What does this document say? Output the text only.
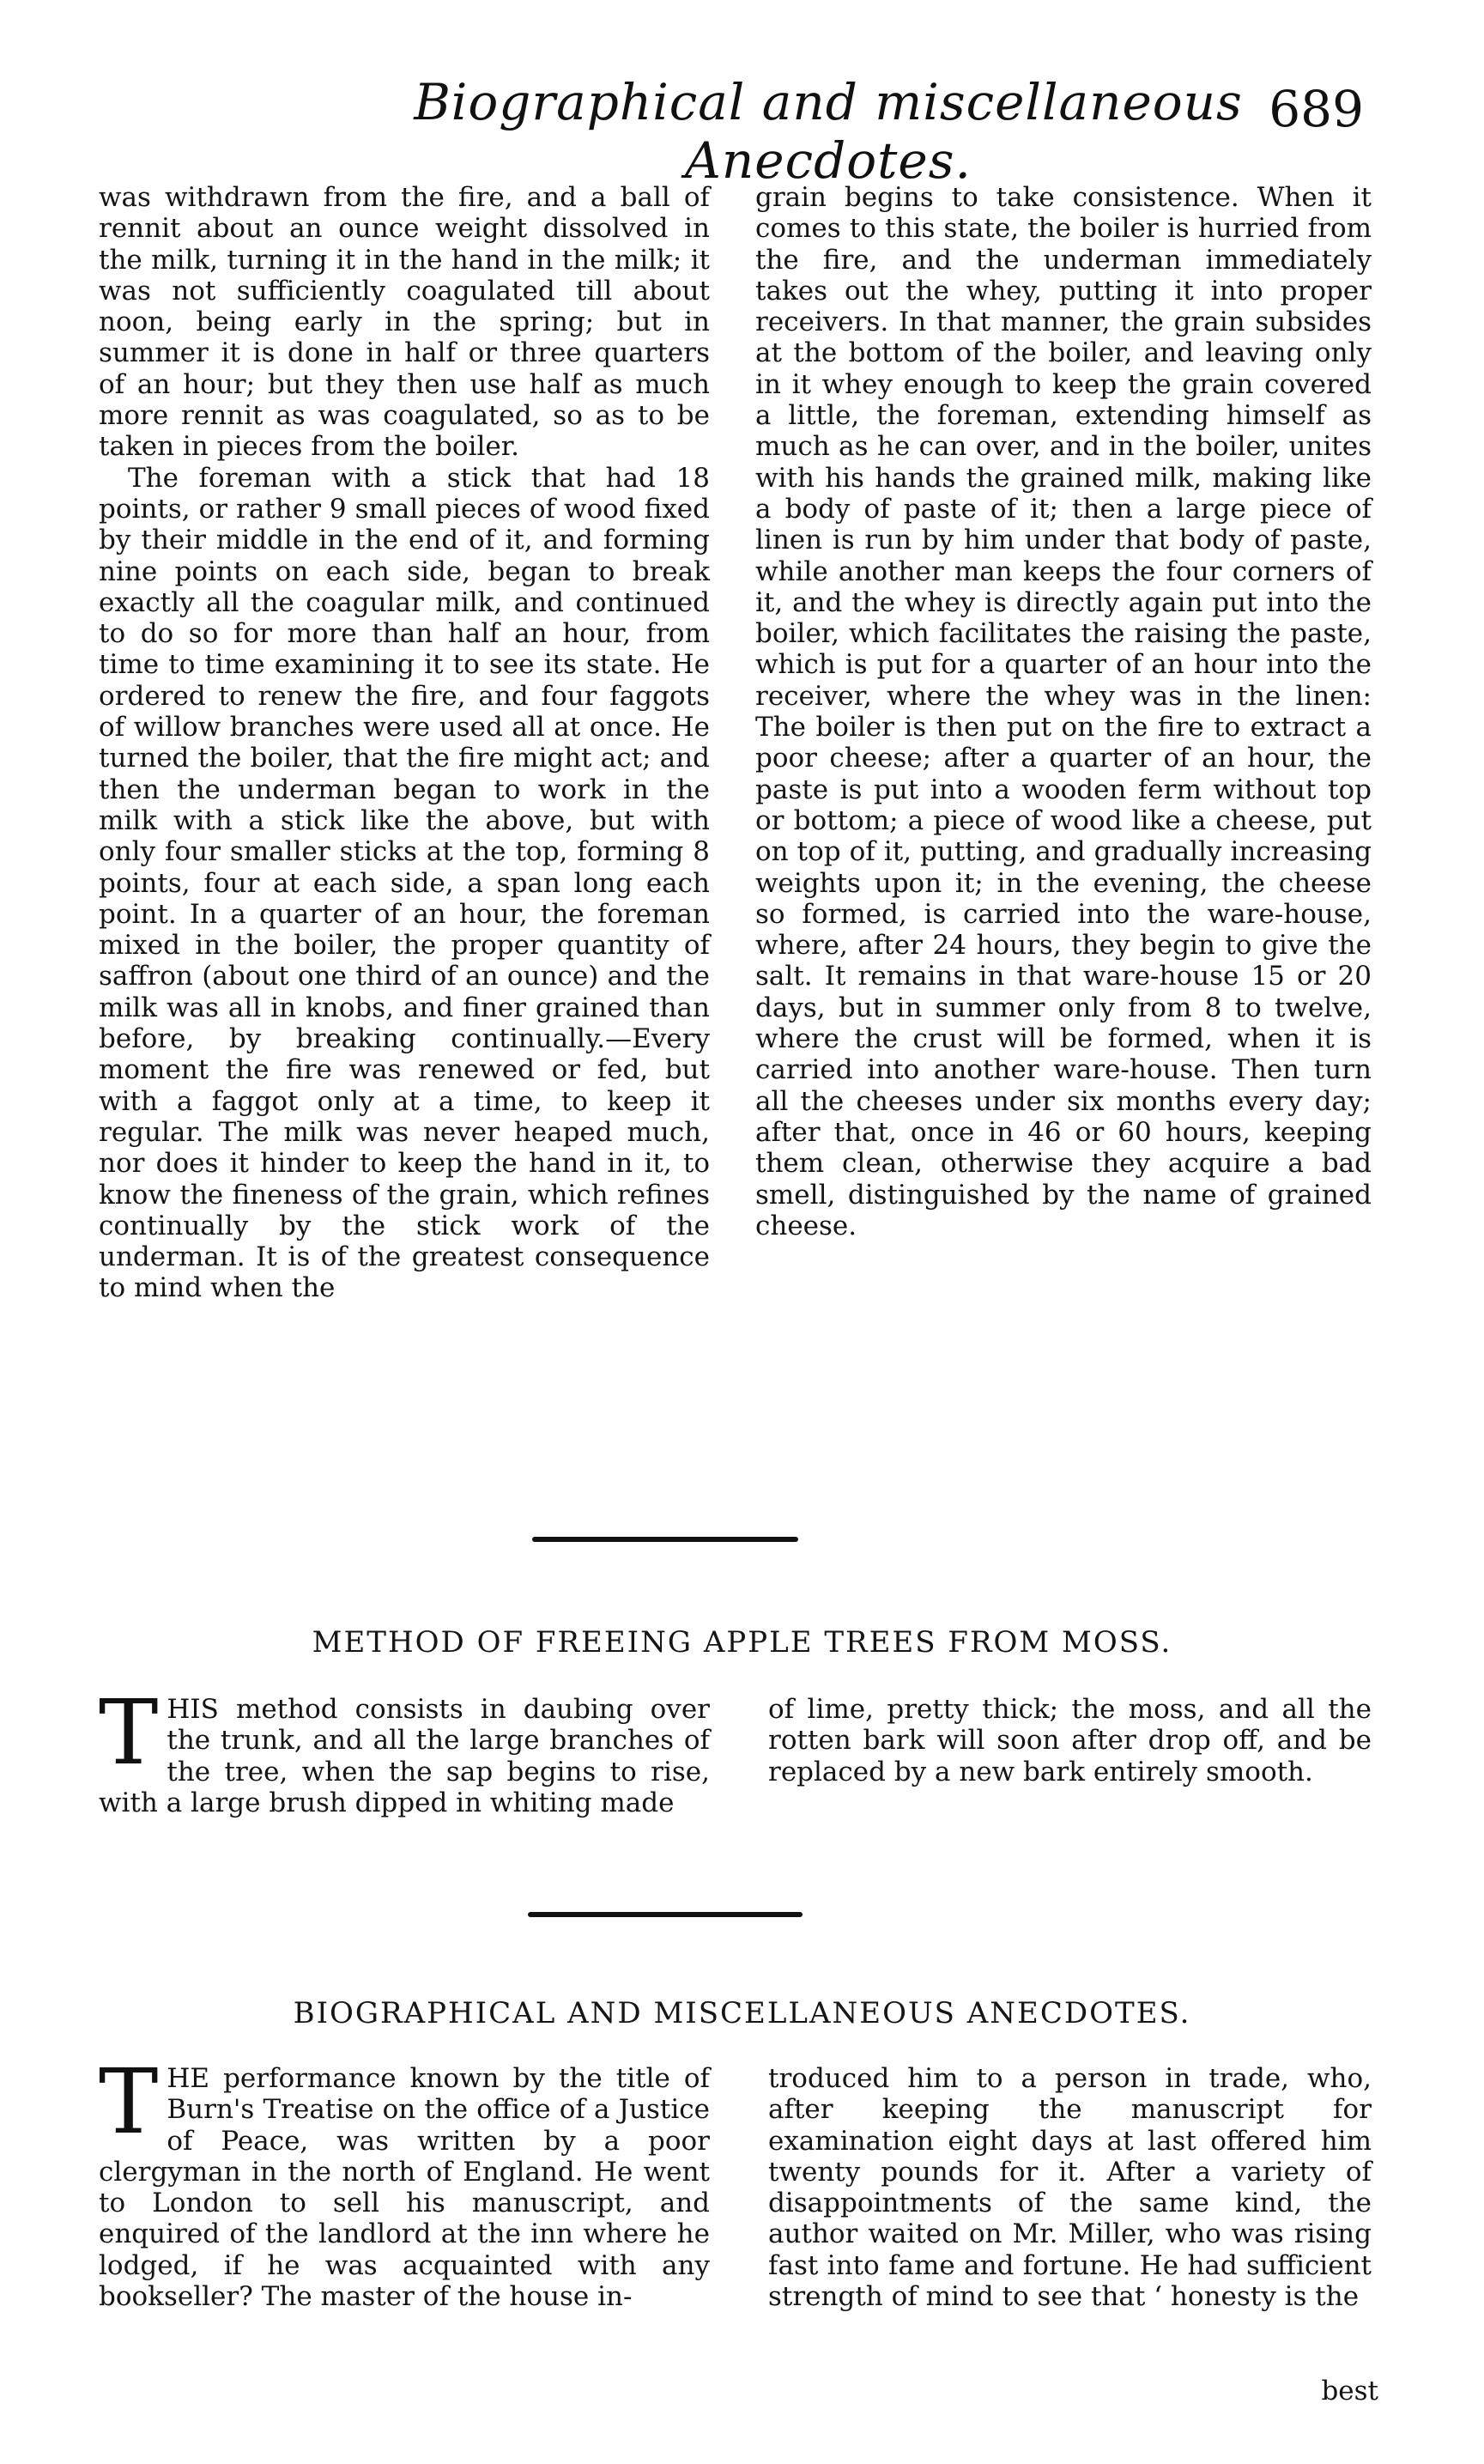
Biographical and miscellaneous Anecdotes.
689

was withdrawn from the fire, and a ball of rennit about an ounce weight dissolved in the milk, turning it in the hand in the milk; it was not sufficiently coagulated till about noon, being early in the spring; but in summer it is done in half or three quarters of an hour; but they then use half as much more rennit as was coagulated, so as to be taken in pieces from the boiler.

The foreman with a stick that had 18 points, or rather 9 small pieces of wood fixed by their middle in the end of it, and forming nine points on each side, began to break exactly all the coagular milk, and continued to do so for more than half an hour, from time to time examining it to see its state. He ordered to renew the fire, and four faggots of willow branches were used all at once. He turned the boiler, that the fire might act; and then the underman began to work in the milk with a stick like the above, but with only four smaller sticks at the top, forming 8 points, four at each side, a span long each point. In a quarter of an hour, the foreman mixed in the boiler, the proper quantity of saffron (about one third of an ounce) and the milk was all in knobs, and finer grained than before, by breaking continually.—Every moment the fire was renewed or fed, but with a faggot only at a time, to keep it regular. The milk was never heaped much, nor does it hinder to keep the hand in it, to know the fineness of the grain, which refines continually by the stick work of the underman. It is of the greatest consequence to mind when the

grain begins to take consistence. When it comes to this state, the boiler is hurried from the fire, and the underman immediately takes out the whey, putting it into proper receivers. In that manner, the grain subsides at the bottom of the boiler, and leaving only in it whey enough to keep the grain covered a little, the foreman, extending himself as much as he can over, and in the boiler, unites with his hands the grained milk, making like a body of paste of it; then a large piece of linen is run by him under that body of paste, while another man keeps the four corners of it, and the whey is directly again put into the boiler, which facilitates the raising the paste, which is put for a quarter of an hour into the receiver, where the whey was in the linen: The boiler is then put on the fire to extract a poor cheese; after a quarter of an hour, the paste is put into a wooden ferm without top or bottom; a piece of wood like a cheese, put on top of it, putting, and gradually increasing weights upon it; in the evening, the cheese so formed, is carried into the ware-house, where, after 24 hours, they begin to give the salt. It remains in that ware-house 15 or 20 days, but in summer only from 8 to twelve, where the crust will be formed, when it is carried into another ware-house. Then turn all the cheeses under six months every day; after that, once in 46 or 60 hours, keeping them clean, otherwise they acquire a bad smell, distinguished by the name of grained cheese.

METHOD OF FREEING APPLE TREES FROM MOSS.

THIS method consists in daubing over the trunk, and all the large branches of the tree, when the sap begins to rise, with a large brush dipped in whiting made

of lime, pretty thick; the moss, and all the rotten bark will soon after drop off, and be replaced by a new bark entirely smooth.

BIOGRAPHICAL AND MISCELLANEOUS ANECDOTES.

THE performance known by the title of Burn's Treatise on the office of a Justice of Peace, was written by a poor clergyman in the north of England. He went to London to sell his manuscript, and enquired of the landlord at the inn where he lodged, if he was acquainted with any bookseller? The master of the house in-

troduced him to a person in trade, who, after keeping the manuscript for examination eight days at last offered him twenty pounds for it. After a variety of disappointments of the same kind, the author waited on Mr. Miller, who was rising fast into fame and fortune. He had sufficient strength of mind to see that ‘ honesty is the

best
